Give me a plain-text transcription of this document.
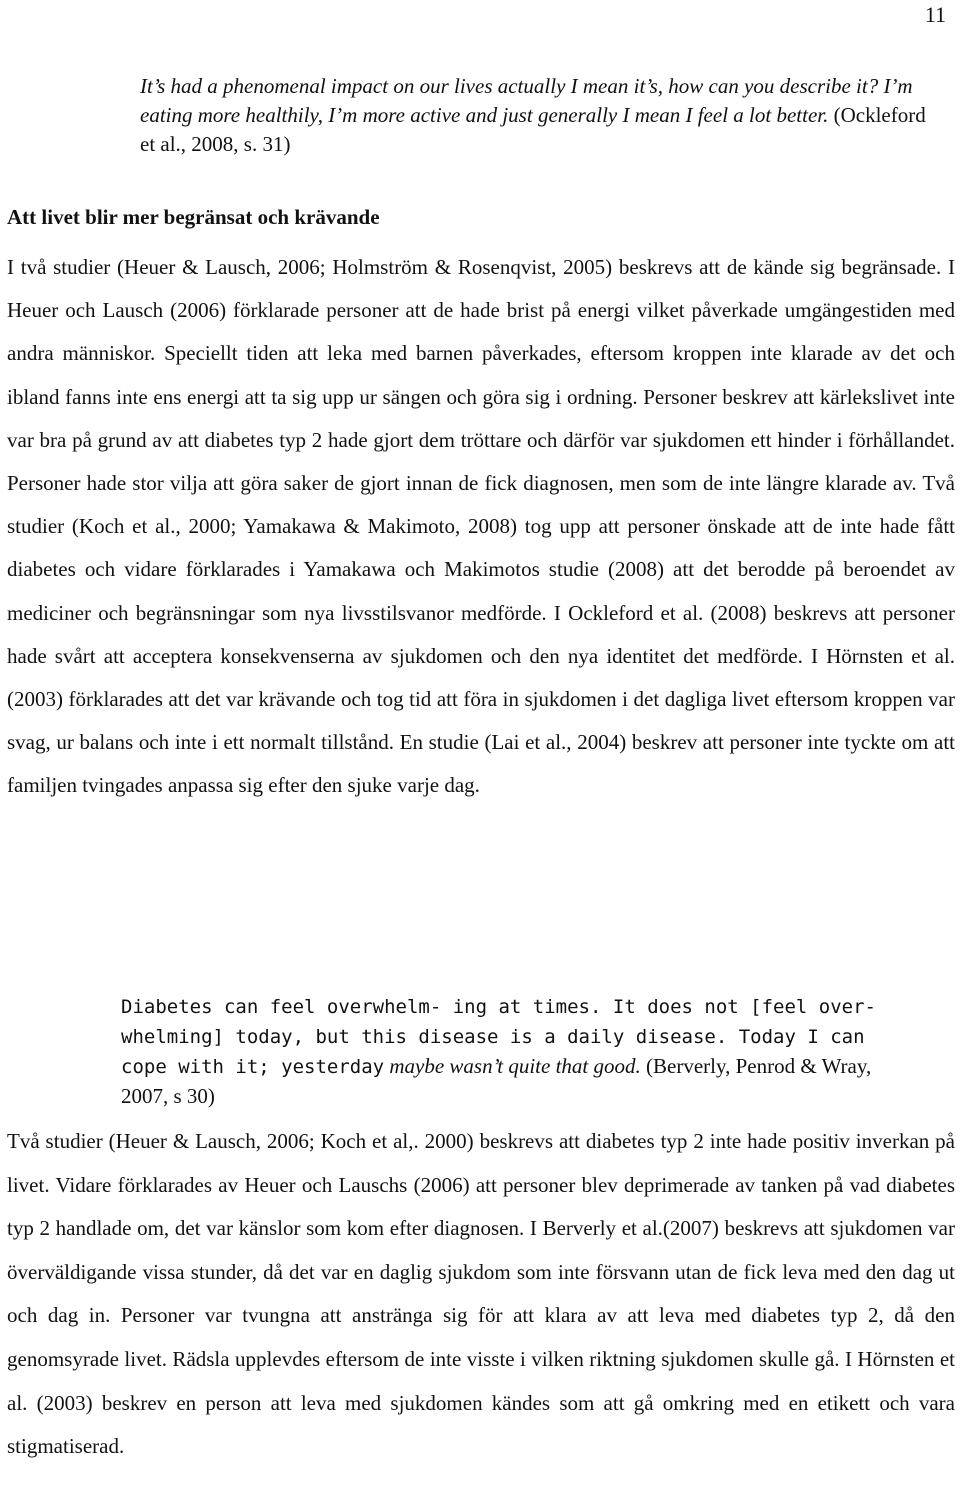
11
It’s had a phenomenal impact on our lives actually I mean it’s, how can you describe it? I’m eating more healthily, I’m more active and just generally I mean I feel a lot better. (Ockleford et al., 2008, s. 31)
Att livet blir mer begränsat och krävande
I två studier (Heuer & Lausch, 2006; Holmström & Rosenqvist, 2005) beskrevs att de kände sig begränsade. I Heuer och Lausch (2006) förklarade personer att de hade brist på energi vilket påverkade umgängestiden med andra människor. Speciellt tiden att leka med barnen påverkades, eftersom kroppen inte klarade av det och ibland fanns inte ens energi att ta sig upp ur sängen och göra sig i ordning. Personer beskrev att kärlekslivet inte var bra på grund av att diabetes typ 2 hade gjort dem tröttare och därför var sjukdomen ett hinder i förhållandet. Personer hade stor vilja att göra saker de gjort innan de fick diagnosen, men som de inte längre klarade av. Två studier (Koch et al., 2000; Yamakawa & Makimoto, 2008) tog upp att personer önskade att de inte hade fått diabetes och vidare förklarades i Yamakawa och Makimotos studie (2008) att det berodde på beroendet av mediciner och begränsningar som nya livsstilsvanor medförde. I Ockleford et al. (2008) beskrevs att personer hade svårt att acceptera konsekvenserna av sjukdomen och den nya identitet det medförde. I Hörnsten et al. (2003) förklarades att det var krävande och tog tid att föra in sjukdomen i det dagliga livet eftersom kroppen var svag, ur balans och inte i ett normalt tillstånd. En studie (Lai et al., 2004) beskrev att personer inte tyckte om att familjen tvingades anpassa sig efter den sjuke varje dag.
Diabetes can feel overwhelm- ing at times. It does not [feel over- whelming] today, but this disease is a daily disease. Today I can cope with it; yesterday maybe wasn’t quite that good. (Berverly, Penrod & Wray, 2007, s 30)
Två studier (Heuer & Lausch, 2006; Koch et al,. 2000) beskrevs att diabetes typ 2 inte hade positiv inverkan på livet. Vidare förklarades av Heuer och Lauschs (2006) att personer blev deprimerade av tanken på vad diabetes typ 2 handlade om, det var känslor som kom efter diagnosen. I Berverly et al.(2007) beskrevs att sjukdomen var överväldigande vissa stunder, då det var en daglig sjukdom som inte försvann utan de fick leva med den dag ut och dag in. Personer var tvungna att anstränga sig för att klara av att leva med diabetes typ 2, då den genomsyrade livet. Rädsla upplevdes eftersom de inte visste i vilken riktning sjukdomen skulle gå. I Hörnsten et al. (2003) beskrev en person att leva med sjukdomen kändes som att gå omkring med en etikett och vara stigmatiserad.
